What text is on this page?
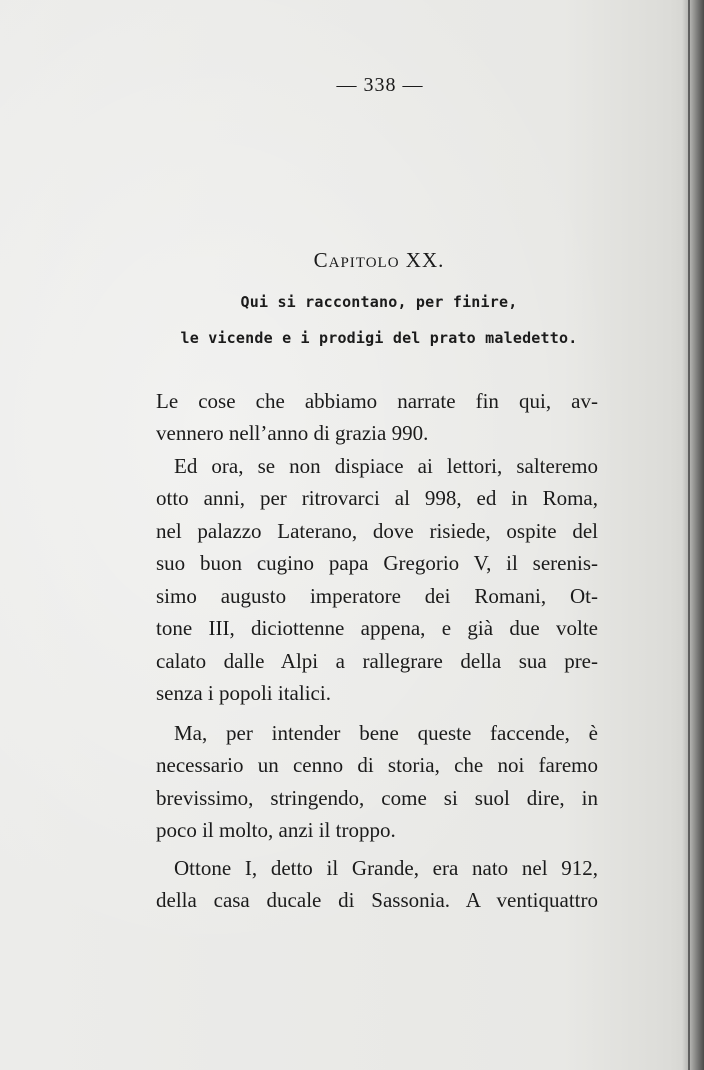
— 338 —
Capitolo XX.
Qui si raccontano, per finire,
le vicende e i prodigi del prato maledetto.
Le cose che abbiamo narrate fin qui, av-
vennero nell’anno di grazia 990.
Ed ora, se non dispiace ai lettori, salteremo
otto anni, per ritrovarci al 998, ed in Roma,
nel palazzo Laterano, dove risiede, ospite del
suo buon cugino papa Gregorio V, il serenis-
simo augusto imperatore dei Romani, Ot-
tone III, diciottenne appena, e già due volte
calato dalle Alpi a rallegrare della sua pre-
senza i popoli italici.
Ma, per intender bene queste faccende, è
necessario un cenno di storia, che noi faremo
brevissimo, stringendo, come si suol dire, in
poco il molto, anzi il troppo.
Ottone I, detto il Grande, era nato nel 912,
della casa ducale di Sassonia. A ventiquattro
